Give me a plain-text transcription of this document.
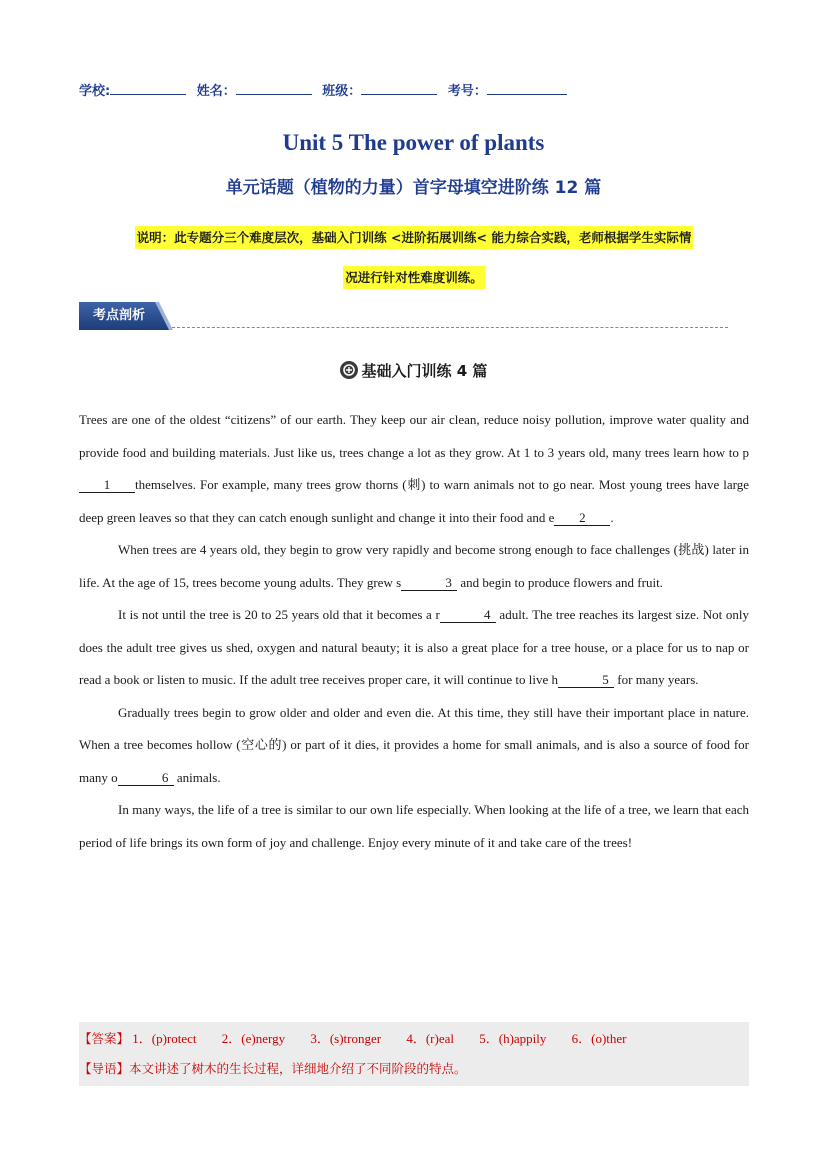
学校:	姓名：	班级：	考号：
Unit 5 The power of plants
单元话题（植物的力量）首字母填空进阶练 12 篇
说明：此专题分三个难度层次，基础入门训练 <进阶拓展训练< 能力综合实践，老师根据学生实际情
况进行针对性难度训练。
考点剖析
基础入门训练 4 篇

Trees are one of the oldest “citizens” of our earth. They keep our air clean, reduce noisy pollution, improve water quality and provide food and building materials. Just like us, trees change a lot as they grow. At 1 to 3 years old, many trees learn how to p1 themselves. For example, many trees grow thorns (刺) to warn animals not to go near. Most young trees have large deep green leaves so that they can catch enough sunlight and change it into their food and e 2 .

When trees are 4 years old, they begin to grow very rapidly and become strong enough to face challenges (挑战) later in life. At the age of 15, trees become young adults. They grew s	3 and begin to produce flowers and fruit.

It is not until the tree is 20 to 25 years old that it becomes a r	4 adult. The tree reaches its largest size. Not only does the adult tree gives us shed, oxygen and natural beauty; it is also a great place for a tree house, or a place for us to nap or read a book or listen to music. If the adult tree receives proper care, it will continue to live h	5 for many years.

Gradually trees begin to grow older and older and even die. At this time, they still have their important place in nature. When a tree becomes hollow (空心的) or part of it dies, it provides a home for small animals, and is also a source of food for many o	6 animals.

In many ways, the life of a tree is similar to our own life especially. When looking at the life of a tree, we learn that each period of life brings its own form of joy and challenge. Enjoy every minute of it and take care of the trees!

【答案】 1．(p)rotect 2．(e)nergy 3．(s)tronger 4．(r)eal 5．(h)appily 6．(o)ther
【导语】本文讲述了树木的生长过程，详细地介绍了不同阶段的特点。
